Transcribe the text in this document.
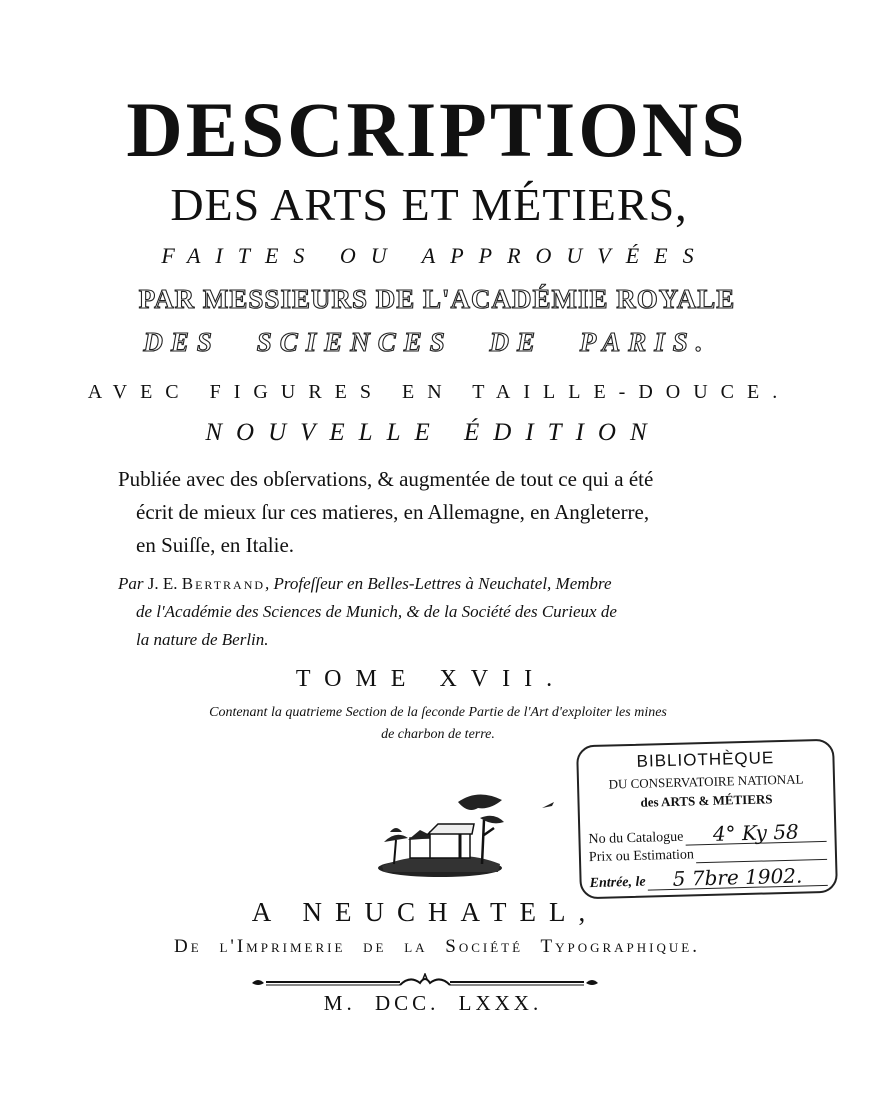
DESCRIPTIONS
DES ARTS ET MÉTIERS,
FAITES OU APPROUVÉES
PAR MESSIEURS DE L'ACADÉMIE ROYALE
DES SCIENCES DE PARIS.
AVEC FIGURES EN TAILLE-DOUCE.
NOUVELLE ÉDITION
Publiée avec des obſervations, & augmentée de tout ce qui a été
écrit de mieux ſur ces matieres, en Allemagne, en Angleterre,
en Suiſſe, en Italie.
Par J. E. Bertrand, Profeſſeur en Belles-Lettres à Neuchatel, Membre
de l'Académie des Sciences de Munich, & de la Société des Curieux de
la nature de Berlin.
TOME XVII.
Contenant la quatrieme Section de la ſeconde Partie de l'Art d'exploiter les mines
de charbon de terre.
BIBLIOTHÈQUE
DU CONSERVATOIRE NATIONAL
des ARTS & MÉTIERS
No du Catalogue	4° Ky 58
Prix ou Estimation
Entrée, le	5 7bre 1902.
A NEUCHATEL,
De l'Imprimerie de la Société Typographique.
M. DCC. LXXX.
